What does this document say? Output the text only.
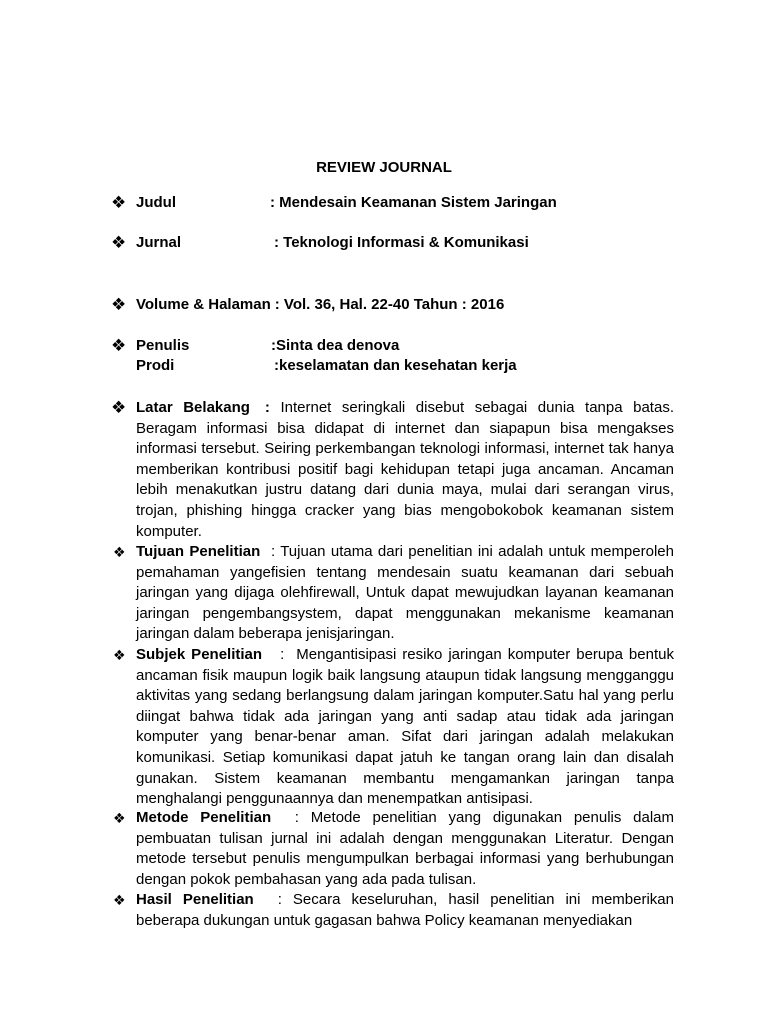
REVIEW JOURNAL
❖ Judul	: Mendesain Keamanan Sistem Jaringan
❖ Jurnal	: Teknologi Informasi & Komunikasi
❖ Volume & Halaman : Vol. 36, Hal. 22-40 Tahun : 2016
❖ Penulis	:Sinta dea denova
Prodi	:keselamatan dan kesehatan kerja
❖ Latar Belakang : Internet seringkali disebut sebagai dunia tanpa batas. Beragam informasi bisa didapat di internet dan siapapun bisa mengakses informasi tersebut. Seiring perkembangan teknologi informasi, internet tak hanya memberikan kontribusi positif bagi kehidupan tetapi juga ancaman. Ancaman lebih menakutkan justru datang dari dunia maya, mulai dari serangan virus, trojan, phishing hingga cracker yang bias mengobokobok keamanan sistem komputer.
❖ Tujuan Penelitian : Tujuan utama dari penelitian ini adalah untuk memperoleh pemahaman yangefisien tentang mendesain suatu keamanan dari sebuah jaringan yang dijaga olehfirewall, Untuk dapat mewujudkan layanan keamanan jaringan pengembangsystem, dapat menggunakan mekanisme keamanan jaringan dalam beberapa jenisjaringan.
❖ Subjek Penelitian : Mengantisipasi resiko jaringan komputer berupa bentuk ancaman fisik maupun logik baik langsung ataupun tidak langsung mengganggu aktivitas yang sedang berlangsung dalam jaringan komputer.Satu hal yang perlu diingat bahwa tidak ada jaringan yang anti sadap atau tidak ada jaringan komputer yang benar-benar aman. Sifat dari jaringan adalah melakukan komunikasi. Setiap komunikasi dapat jatuh ke tangan orang lain dan disalah gunakan. Sistem keamanan membantu mengamankan jaringan tanpa menghalangi penggunaannya dan menempatkan antisipasi.
❖ Metode Penelitian : Metode penelitian yang digunakan penulis dalam pembuatan tulisan jurnal ini adalah dengan menggunakan Literatur. Dengan metode tersebut penulis mengumpulkan berbagai informasi yang berhubungan dengan pokok pembahasan yang ada pada tulisan.
❖ Hasil Penelitian : Secara keseluruhan, hasil penelitian ini memberikan beberapa dukungan untuk gagasan bahwa Policy keamanan menyediakan
